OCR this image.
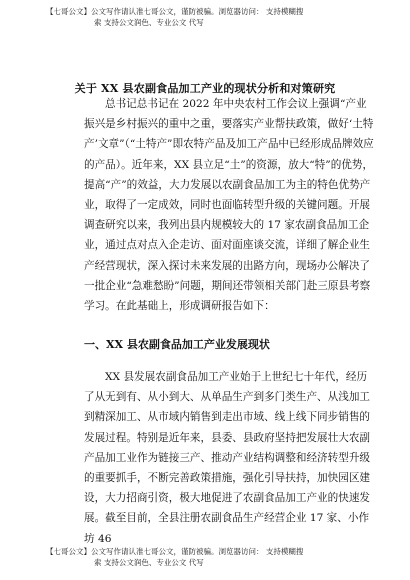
【七哥公文】公文写作请认准七哥公文，谨防被骗。浏览器访问： 支持模糊搜
索 支持公文润色、专业公文 代写
关于 XX 县农副食品加工产业的现状分析和对策研究

总书记总书记在 2022 年中央农村工作会议上强调“产业振兴是乡村振兴的重中之重，要落实产业帮扶政策，做好‘土特产’文章”（“土特产”即农特产品及加工产品中已经形成品牌效应的产品）。近年来，XX 县立足“土”的资源，放大“特”的优势，提高“产”的效益，大力发展以农副食品加工为主的特色优势产业，取得了一定成效，同时也面临转型升级的关键问题。开展调查研究以来，我列出县内规模较大的 17 家农副食品加工企业，通过点对点入企走访、面对面座谈交流，详细了解企业生产经营现状，深入探讨未来发展的出路方向，现场办公解决了一批企业“急难愁盼”问题，期间还带领相关部门赴三原县考察学习。在此基础上，形成调研报告如下：

一、XX 县农副食品加工产业发展现状

XX 县发展农副食品加工产业始于上世纪七十年代，经历了从无到有、从小到大、从单品生产到多门类生产、从浅加工到精深加工、从市域内销售到走出市域、线上线下同步销售的发展过程。特别是近年来，县委、县政府坚持把发展壮大农副产品加工业作为链接三产、推动产业结构调整和经济转型升级的重要抓手，不断完善政策措施，强化引导扶持，加快园区建设，大力招商引资，极大地促进了农副食品加工产业的快速发展。截至目前，全县注册农副食品生产经营企业 17 家、小作坊 46

【七哥公文】公文写作请认准七哥公文，谨防被骗。浏览器访问： 支持模糊搜
索 支持公文润色、专业公文 代写
